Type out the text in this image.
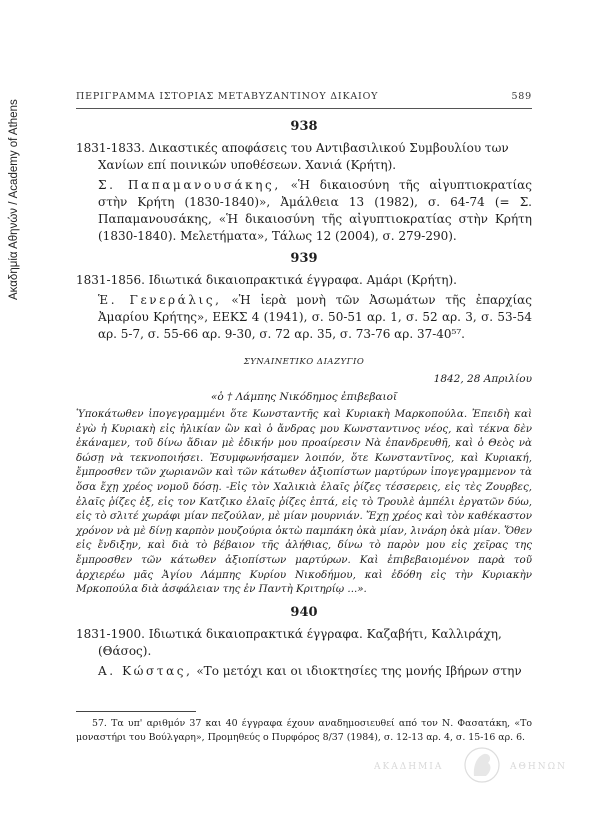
Ακαδημία Αθηνών / Academy of Athens
ΠΕΡΙΓΡΑΜΜΑ ΙΣΤΟΡΙΑΣ ΜΕΤΑΒΥΖΑΝΤΙΝΟΥ ΔΙΚΑΙΟΥ	589
938
1831-1833. Δικαστικές αποφάσεις του Αντιβασιλικού Συμβουλίου των Χανίων επί ποινικών υποθέσεων. Χανιά (Κρήτη).
Σ. Παπαμανουσάκης, «Ἡ δικαιοσύνη τῆς αἰγυπτιοκρατίας στὴν Κρήτη (1830-1840)», Ἀμάλθεια 13 (1982), σ. 64-74 (= Σ. Παπαμανουσάκης, «Ἡ δικαιοσύνη τῆς αἰγυπτιοκρατίας στὴν Κρήτη (1830-1840). Μελετήματα», Τάλως 12 (2004), σ. 279-290).
939
1831-1856. Ιδιωτικά δικαιοπρακτικά έγγραφα. Αμάρι (Κρήτη).
Ἑ. Γενεράλις, «Ἡ ἱερὰ μονὴ τῶν Ἀσωμάτων τῆς ἐπαρχίας Ἀμαρίου Κρήτης», ΕΕΚΣ 4 (1941), σ. 50-51 αρ. 1, σ. 52 αρ. 3, σ. 53-54 αρ. 5-7, σ. 55-66 αρ. 9-30, σ. 72 αρ. 35, σ. 73-76 αρ. 37-40⁵⁷.
ΣΥΝΑΙΝΕΤΙΚΟ ΔΙΑΖΥΓΙΟ
1842, 28 Απριλίου
«ὁ † Λάμπης Νικόδημος ἐπιβεβαιοῖ
Ὑποκάτωθεν ἰπογεγραμμένι ὅτε Κωνσταντῆς καὶ Κυριακὴ Μαρκοπούλα. Ἐπειδὴ καὶ ἐγὼ ἡ Κυριακὴ εἰς ἡλικίαν ὢν καὶ ὁ ἄνδρας μου Κωνσταντινος νέος, καὶ τέκνα δὲν ἐκάναμεν, τοῦ δίνω ἄδιαν μὲ ἐδικήν μου προαίρεσιν Νὰ ἐπανδρευθῆ, καὶ ὁ Θεὸς νὰ δώσῃ νὰ τεκνοποιήσει. Ἐσυμφωνήσαμεν λοιπόν, ὅτε Κωνσταντῖνος, καὶ Κυριακή, ἔμπροσθεν τῶν χωριανῶν καὶ τῶν κάτωθεν ἀξιοπίστων μαρτύρων ἰπογεγραμμενον τὰ ὅσα ἔχῃ χρέος νομοῦ δόσῃ. -Εἰς τὸν Χαλικιὰ ἐλαῖς ῥίζες τέσσερεις, εἰς τὲς Ζουρβες, ἐλαῖς ῥίζες ἐξ, εἰς τον Κατζικο ἐλαῖς ῥίζες ἑπτά, εἰς τὸ Τρουλὲ ἀμπέλι ἐργατῶν δύω, εἰς τὸ σλιτέ χωράφι μίαν πεζούλαν, μὲ μίαν μουρνιάν. Ἔχῃ χρέος καὶ τὸν καθέκαστον χρόνον νὰ μὲ δίνῃ καρπὸν μουζούρια ὀκτὼ παμπάκη ὀκὰ μίαν, λινάρη ὀκὰ μίαν. Ὅθεν εἰς ἔνδιξην, καὶ διὰ τὸ βέβαιον τῆς ἀλήθιας, δίνω τὸ παρὸν μου εἰς χεῖρας της ἔμπροσθεν τῶν κάτωθεν ἀξιοπίστων μαρτύρων. Καὶ ἐπιβεβαιομένον παρὰ τοῦ ἀρχιερέω μᾶς Ἀγίου Λάμπης Κυρίου Νικοδήμου, καὶ ἐδόθη εἰς τὴν Κυριακὴν Μρκοπούλα διὰ ἀσφάλειαν της ἐν Παντὴ Κριτηρίῳ ...».
940
1831-1900. Ιδιωτικά δικαιοπρακτικά έγγραφα. Καζαβήτι, Καλλιράχη, (Θάσος).
Α. Κώστας, «Το μετόχι και οι ιδιοκτησίες της μονής Ιβήρων στην
57. Τα υπ' αριθμόν 37 και 40 έγγραφα έχουν αναδημοσιευθεί από τον Ν. Φασατάκη, «Το μοναστήρι του Βούλγαρη», Προμηθεύς ο Πυρφόρος 8/37 (1984), σ. 12-13 αρ. 4, σ. 15-16 αρ. 6.
ΑΚΑΔΗΜΙΑ	ΑΘΗΝΩΝ
